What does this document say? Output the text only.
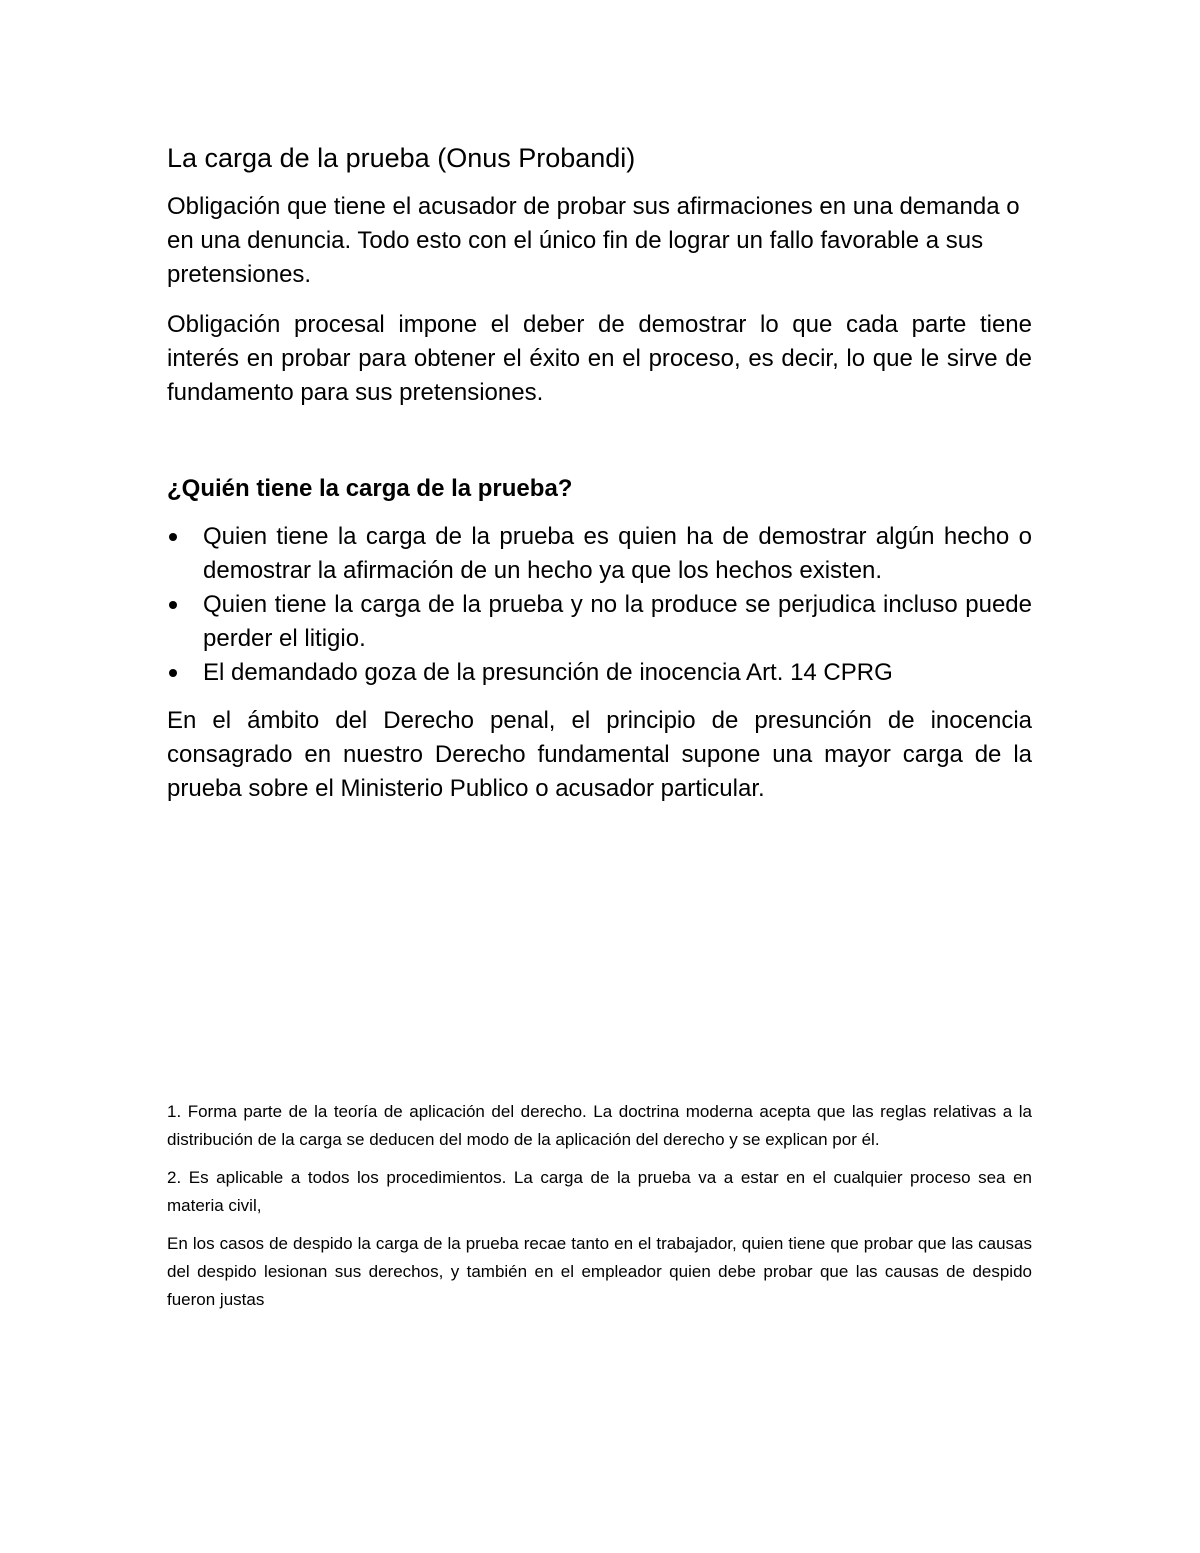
La carga de la prueba (Onus Probandi)

Obligación que tiene el acusador de probar sus afirmaciones en una demanda o en una denuncia. Todo esto con el único fin de lograr un fallo favorable a sus pretensiones.

Obligación procesal impone el deber de demostrar lo que cada parte tiene interés en probar para obtener el éxito en el proceso, es decir, lo que le sirve de fundamento para sus pretensiones.

¿Quién tiene la carga de la prueba?
Quien tiene la carga de la prueba es quien ha de demostrar algún hecho o demostrar la afirmación de un hecho ya que los hechos existen.
Quien tiene la carga de la prueba y no la produce se perjudica incluso puede perder el litigio.
El demandado goza de la presunción de inocencia Art. 14 CPRG

En el ámbito del Derecho penal, el principio de presunción de inocencia consagrado en nuestro Derecho fundamental supone una mayor carga de la prueba sobre el Ministerio Publico o acusador particular.

1. Forma parte de la teoría de aplicación del derecho. La doctrina moderna acepta que las reglas relativas a la distribución de la carga se deducen del modo de la aplicación del derecho y se explican por él.

2. Es aplicable a todos los procedimientos. La carga de la prueba va a estar en el cualquier proceso sea en materia civil,

En los casos de despido la carga de la prueba recae tanto en el trabajador, quien tiene que probar que las causas del despido lesionan sus derechos, y también en el empleador quien debe probar que las causas de despido fueron justas
